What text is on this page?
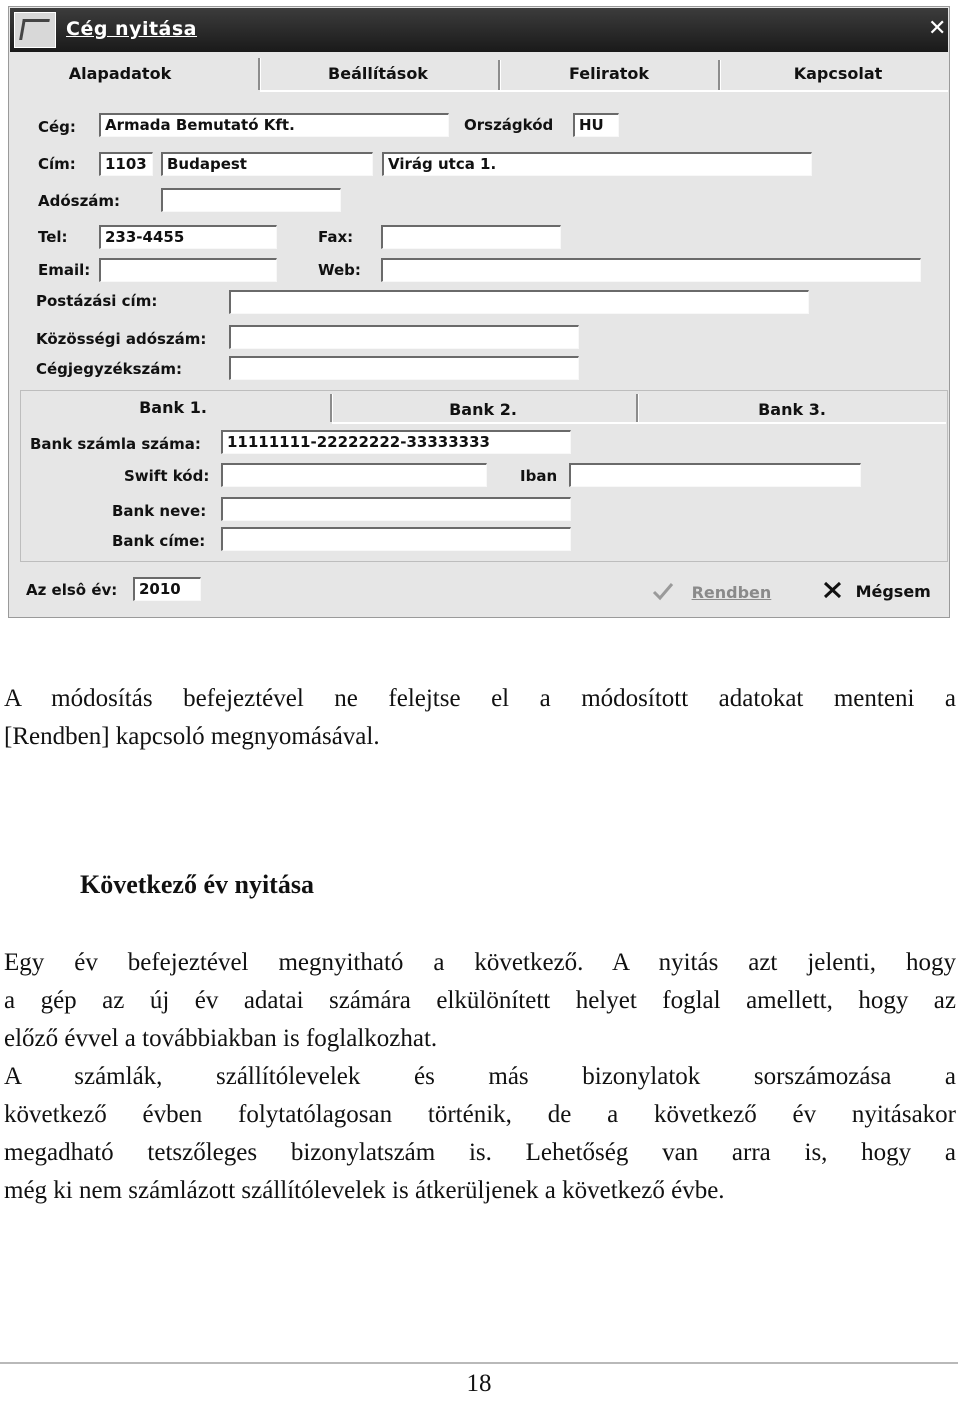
Cég nyitása	✕
Alapadatok	Beállítások	Feliratok	Kapcsolat
Cég:	Armada Bemutató Kft.	Országkód	HU
Cím:	1103	Budapest	Virág utca 1.
Adószám:
Tel:	233-4455	Fax:
Email:	Web:
Postázási cím:
Közösségi adószám:
Cégjegyzékszám:
Bank 1.	Bank 2.	Bank 3.
Bank számla száma:	11111111-22222222-33333333
Swift kód:	Iban
Bank neve:
Bank címe:
Az elsô év:	2010	Rendben	Mégsem
A módosítás befejeztével ne felejtse el a módosított adatokat menteni a
[Rendben] kapcsoló megnyomásával.
Következő év nyitása
Egy év befejeztével megnyitható a következő. A nyitás azt jelenti, hogy
a gép az új év adatai számára elkülönített helyet foglal amellett, hogy az
előző évvel a továbbiakban is foglalkozhat.
A számlák, szállítólevelek és más bizonylatok sorszámozása a
következő évben folytatólagosan történik, de a következő év nyitásakor
megadható tetszőleges bizonylatszám is. Lehetőség van arra is, hogy a
még ki nem számlázott szállítólevelek is átkerüljenek a következő évbe.
18
